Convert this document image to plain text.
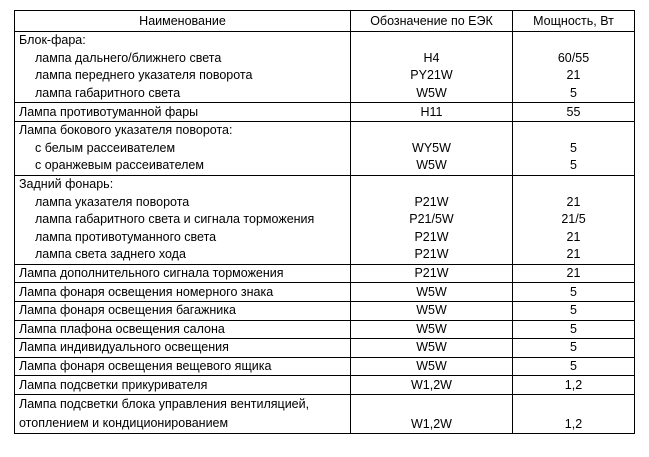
Наименование	Обозначение по ЕЭК	Мощность, Вт
Блок-фара:		
лампа дальнего/ближнего света	H4	60/55
лампа переднего указателя поворота	PY21W	21
лампа габаритного света	W5W	5
Лампа противотуманной фары	H11	55
Лампа бокового указателя поворота:		
с белым рассеивателем	WY5W	5
с оранжевым рассеивателем	W5W	5
Задний фонарь:		
лампа указателя поворота	P21W	21
лампа габаритного света и сигнала торможения	P21/5W	21/5
лампа противотуманного света	P21W	21
лампа света заднего хода	P21W	21
Лампа дополнительного сигнала торможения	P21W	21
Лампа фонаря освещения номерного знака	W5W	5
Лампа фонаря освещения багажника	W5W	5
Лампа плафона освещения салона	W5W	5
Лампа индивидуального освещения	W5W	5
Лампа фонаря освещения вещевого ящика	W5W	5
Лампа подсветки прикуривателя	W1,2W	1,2
Лампа подсветки блока управления вентиляцией, отоплением и кондиционированием	W1,2W	1,2
